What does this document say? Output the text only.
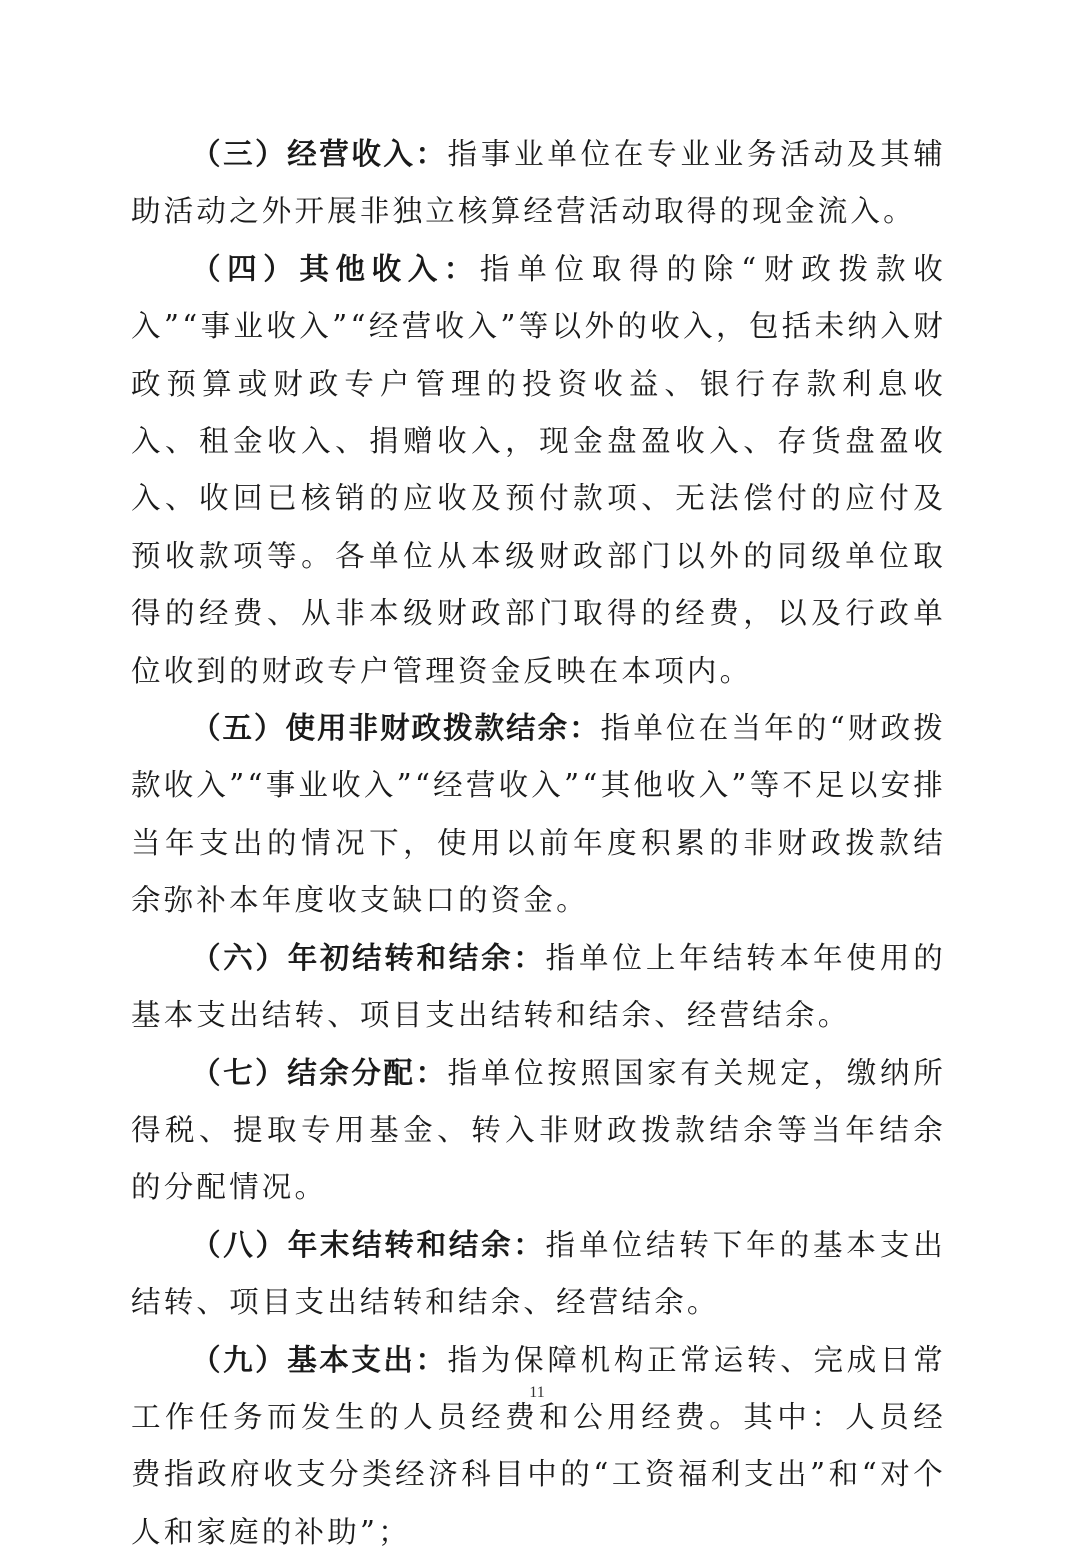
（三）经营收入：指事业单位在专业业务活动及其辅助活动之外开展非独立核算经营活动取得的现金流入。

（四）其他收入：指单位取得的除“财政拨款收入”“事业收入”“经营收入”等以外的收入，包括未纳入财政预算或财政专户管理的投资收益、银行存款利息收入、租金收入、捐赠收入，现金盘盈收入、存货盘盈收入、收回已核销的应收及预付款项、无法偿付的应付及预收款项等。各单位从本级财政部门以外的同级单位取得的经费、从非本级财政部门取得的经费，以及行政单位收到的财政专户管理资金反映在本项内。

（五）使用非财政拨款结余：指单位在当年的“财政拨款收入”“事业收入”“经营收入”“其他收入”等不足以安排当年支出的情况下，使用以前年度积累的非财政拨款结余弥补本年度收支缺口的资金。

（六）年初结转和结余：指单位上年结转本年使用的基本支出结转、项目支出结转和结余、经营结余。

（七）结余分配：指单位按照国家有关规定，缴纳所得税、提取专用基金、转入非财政拨款结余等当年结余的分配情况。

（八）年末结转和结余：指单位结转下年的基本支出结转、项目支出结转和结余、经营结余。

（九）基本支出：指为保障机构正常运转、完成日常工作任务而发生的人员经费和公用经费。其中：人员经费指政府收支分类经济科目中的“工资福利支出”和“对个人和家庭的补助”；

11
